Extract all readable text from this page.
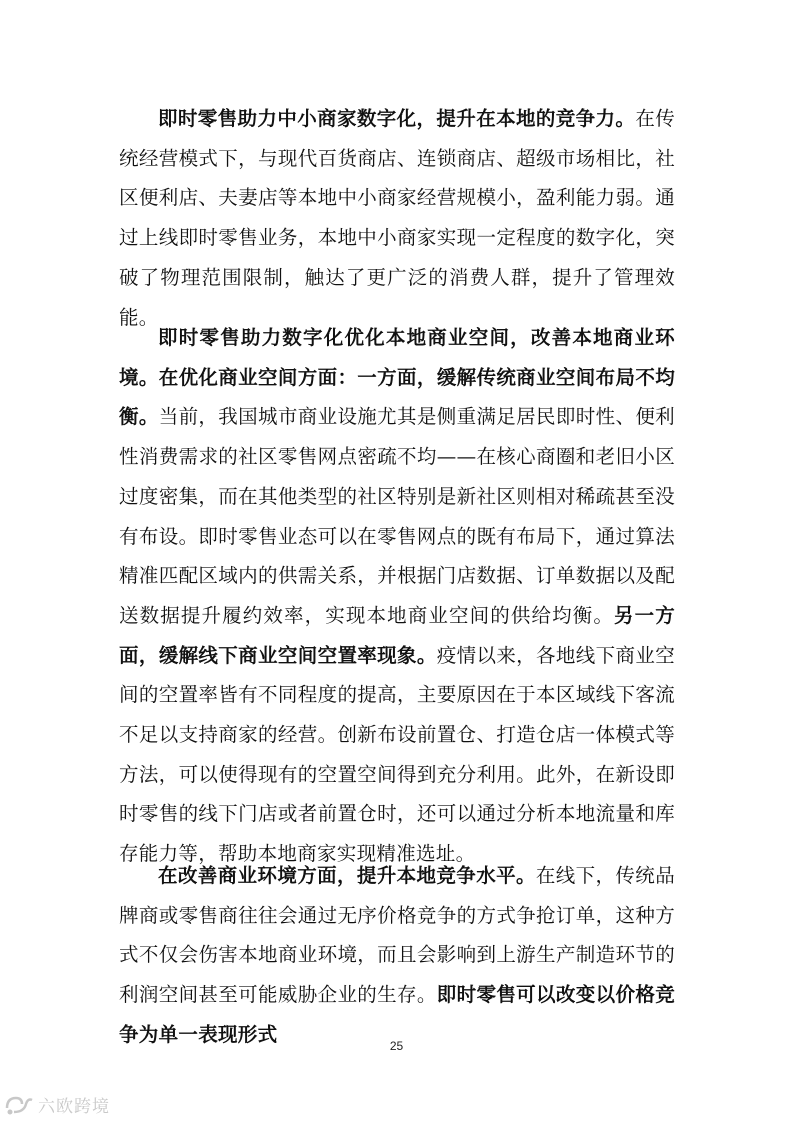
即时零售助力中小商家数字化，提升在本地的竞争力。在传统经营模式下，与现代百货商店、连锁商店、超级市场相比，社区便利店、夫妻店等本地中小商家经营规模小，盈利能力弱。通过上线即时零售业务，本地中小商家实现一定程度的数字化，突破了物理范围限制，触达了更广泛的消费人群，提升了管理效能。

即时零售助力数字化优化本地商业空间，改善本地商业环境。在优化商业空间方面：一方面，缓解传统商业空间布局不均衡。当前，我国城市商业设施尤其是侧重满足居民即时性、便利性消费需求的社区零售网点密疏不均——在核心商圈和老旧小区过度密集，而在其他类型的社区特别是新社区则相对稀疏甚至没有布设。即时零售业态可以在零售网点的既有布局下，通过算法精准匹配区域内的供需关系，并根据门店数据、订单数据以及配送数据提升履约效率，实现本地商业空间的供给均衡。另一方面，缓解线下商业空间空置率现象。疫情以来，各地线下商业空间的空置率皆有不同程度的提高，主要原因在于本区域线下客流不足以支持商家的经营。创新布设前置仓、打造仓店一体模式等方法，可以使得现有的空置空间得到充分利用。此外，在新设即时零售的线下门店或者前置仓时，还可以通过分析本地流量和库存能力等，帮助本地商家实现精准选址。

在改善商业环境方面，提升本地竞争水平。在线下，传统品牌商或零售商往往会通过无序价格竞争的方式争抢订单，这种方式不仅会伤害本地商业环境，而且会影响到上游生产制造环节的利润空间甚至可能威胁企业的生存。即时零售可以改变以价格竞争为单一表现形式

25
六欧跨境
